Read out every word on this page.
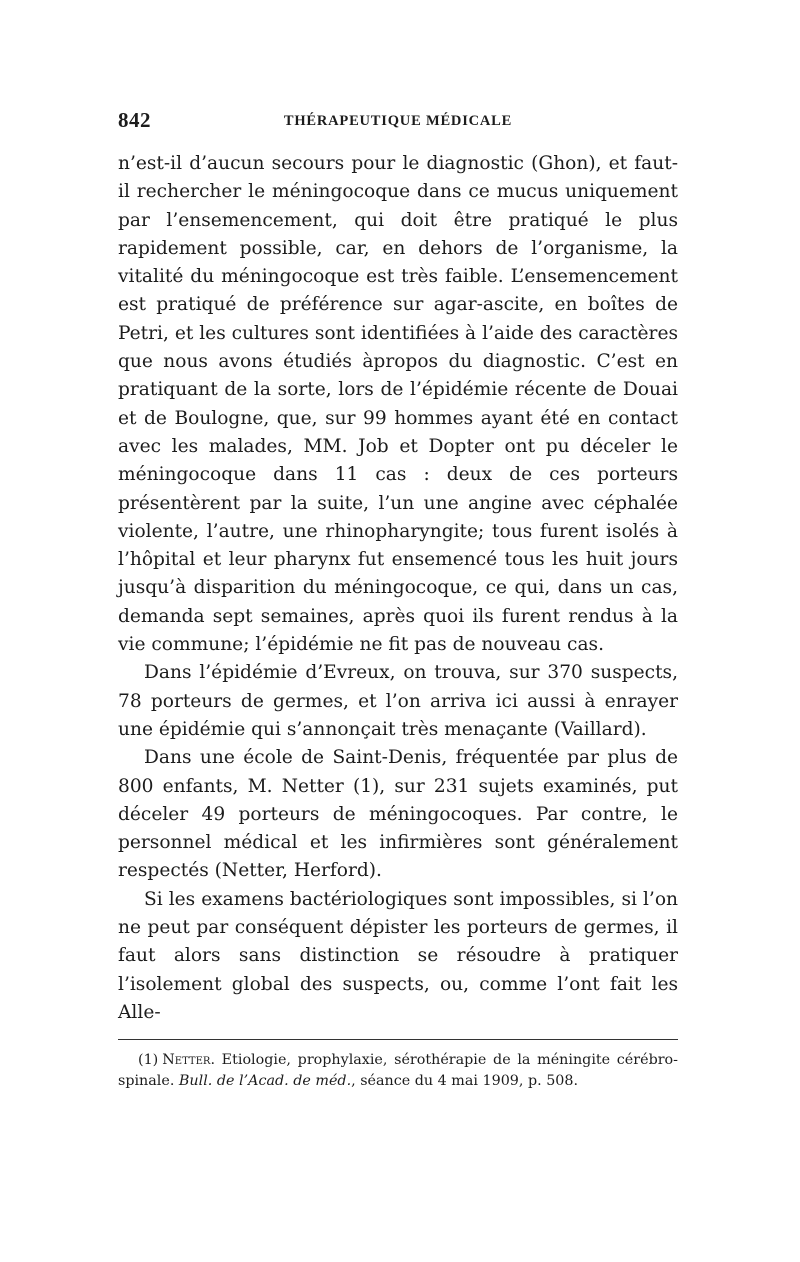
842	THÉRAPEUTIQUE MÉDICALE

n’est-il d’aucun secours pour le diagnostic (Ghon), et faut-il rechercher le méningocoque dans ce mucus uniquement par l’ensemencement, qui doit être pratiqué le plus rapidement possible, car, en dehors de l’organisme, la vitalité du méningocoque est très faible. L’ensemencement est pratiqué de préférence sur agar-ascite, en boîtes de Petri, et les cultures sont identifiées à l’aide des caractères que nous avons étudiés àpropos du diagnostic. C’est en pratiquant de la sorte, lors de l’épidémie récente de Douai et de Boulogne, que, sur 99 hommes ayant été en contact avec les malades, MM. Job et Dopter ont pu déceler le méningocoque dans 11 cas : deux de ces porteurs présentèrent par la suite, l’un une angine avec céphalée violente, l’autre, une rhinopharyngite; tous furent isolés à l’hôpital et leur pharynx fut ensemencé tous les huit jours jusqu’à disparition du méningocoque, ce qui, dans un cas, demanda sept semaines, après quoi ils furent rendus à la vie commune; l’épidémie ne fit pas de nouveau cas.

Dans l’épidémie d’Evreux, on trouva, sur 370 suspects, 78 porteurs de germes, et l’on arriva ici aussi à enrayer une épidémie qui s’annonçait très menaçante (Vaillard).

Dans une école de Saint-Denis, fréquentée par plus de 800 enfants, M. Netter (1), sur 231 sujets examinés, put déceler 49 porteurs de méningocoques. Par contre, le personnel médical et les infirmières sont généralement respectés (Netter, Herford).

Si les examens bactériologiques sont impossibles, si l’on ne peut par conséquent dépister les porteurs de germes, il faut alors sans distinction se résoudre à pratiquer l’isolement global des suspects, ou, comme l’ont fait les Alle-

(1) Netter. Etiologie, prophylaxie, sérothérapie de la méningite cérébro-spinale. Bull. de l’Acad. de méd., séance du 4 mai 1909, p. 508.
